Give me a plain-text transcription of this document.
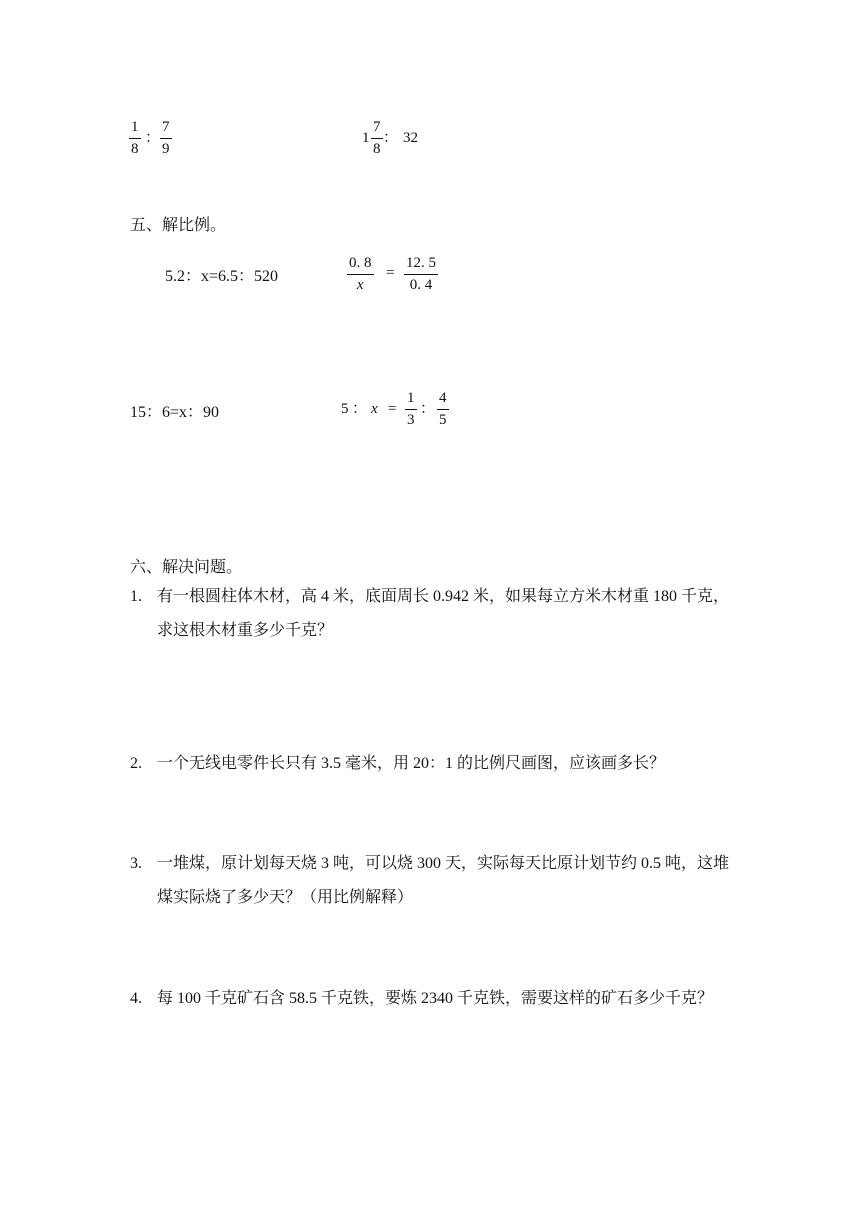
$\frac{1}{8}$ ： $\frac{7}{9}$	$1 \frac{7}{8}$ ： 32
五、解比例。
5.2：x=6.5：520	$\frac{0. 8}{x} = \frac{12. 5}{0. 4}$
15：6=x：90	5 ： $x = \frac{1}{3}$ ： $\frac{4}{5}$
六、解决问题。
1. 有一根圆柱体木材，高 4 米，底面周长 0.942 米，如果每立方米木材重 180 千克，求这根木材重多少千克？
2. 一个无线电零件长只有 3.5 毫米，用 20：1 的比例尺画图，应该画多长？
3. 一堆煤，原计划每天烧 3 吨，可以烧 300 天，实际每天比原计划节约 0.5 吨，这堆煤实际烧了多少天？（用比例解释）
4. 每 100 千克矿石含 58.5 千克铁，要炼 2340 千克铁，需要这样的矿石多少千克？
